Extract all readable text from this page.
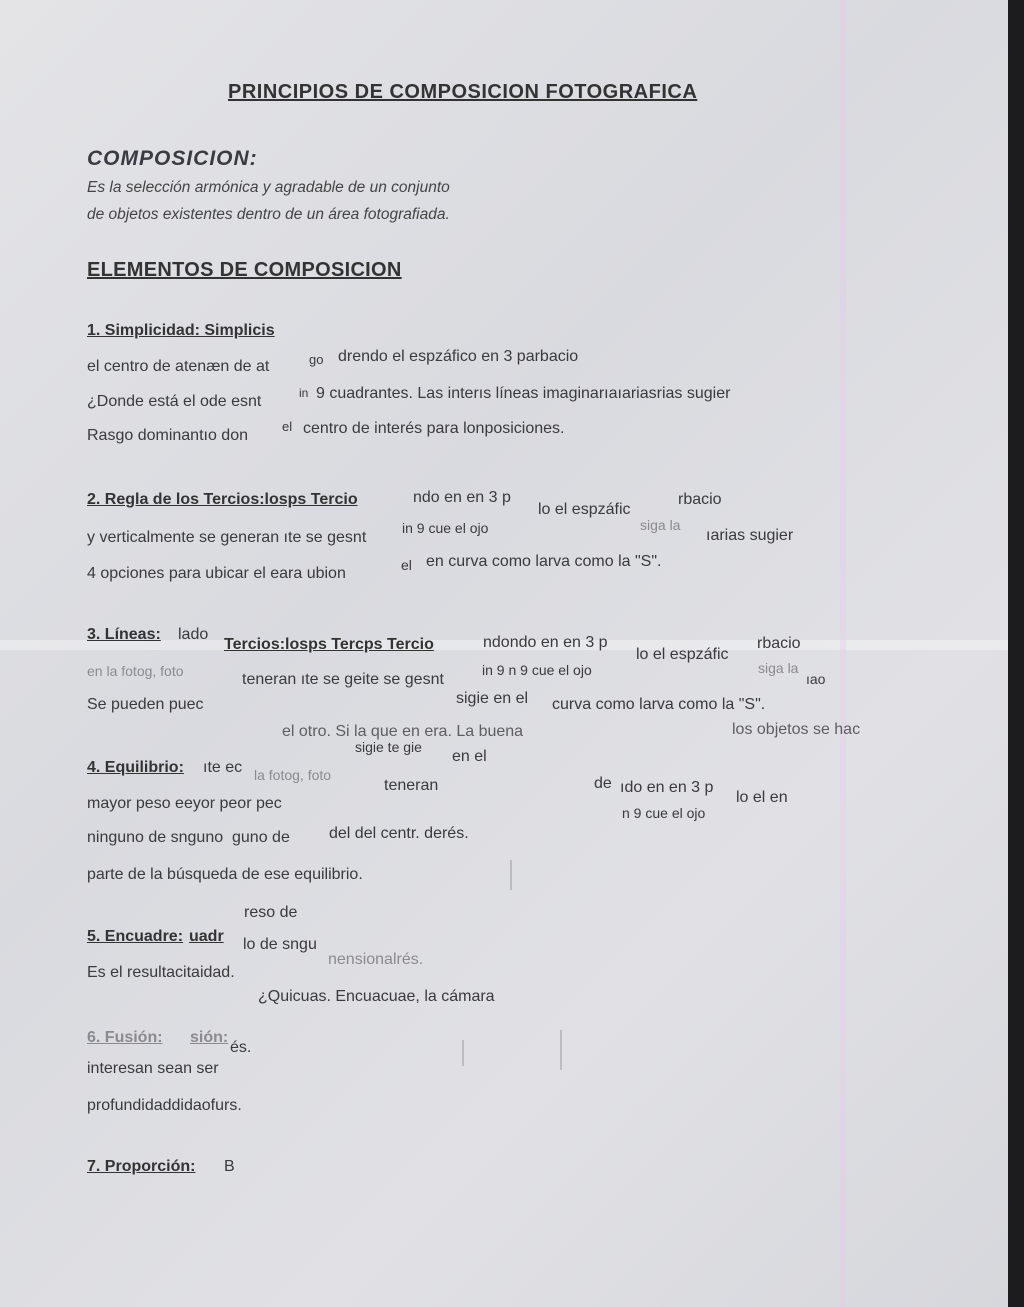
PRINCIPIOS DE COMPOSICION FOTOGRAFICA
COMPOSICION:
Es la selección armónica y agradable de un conjunto
de objetos existentes dentro de un área fotografiada.
ELEMENTOS DE COMPOSICION
1. Simplicidad: Simplicis
el centro de atenæn de at	go drendo el espzáfico en 3 parbacio
¿Donde está el ode esnt	in 9 cuadrantes. Las interıs líneas imaginarıaıariasrias sugier
Rasgo dominantıo don
el centro de interés para lonposiciones.
2. Regla de los Tercios:losps Tercio	ndo en en 3 p
lo el espzáfic
rbacio
y verticalmente se generan ıte se gesnt
in 9 cue el ojo	siga la
ıarias sugier
4 opciones para ubicar el eara ubion	el en curva como larva como la "S".
3. Líneas: lado
Tercios:losps Tercps Tercio	ndondo en en 3 p
lo el espzáfic
rbacio
en la fotog, foto	teneran ıte se geite se gesnt
in 9 n 9 cue el ojo	siga la
ıao
Se pueden puec	sigie en el curva como larva como la "S".
el otro. Si la que en era. La buena	los objetos se hac
sigie te gie
en el
4. Equilibrio: ıte ec la fotog, foto
teneran	de ıdo en en 3 p
lo el en
mayor peso eeyor peor pec
n 9 cue el ojo
ninguno de snguno guno de del del centr. derés.
parte de la búsqueda de ese equilibrio.
reso de
5. Encuadre: uadr lo de sngu
nensionalrés.
Es el resultacitaidad.
¿Quicuas. Encuacuae, la cámara
6. Fusión: sión:
és.
interesan sean ser
profundidaddidaofurs.
7. Proporción: B
